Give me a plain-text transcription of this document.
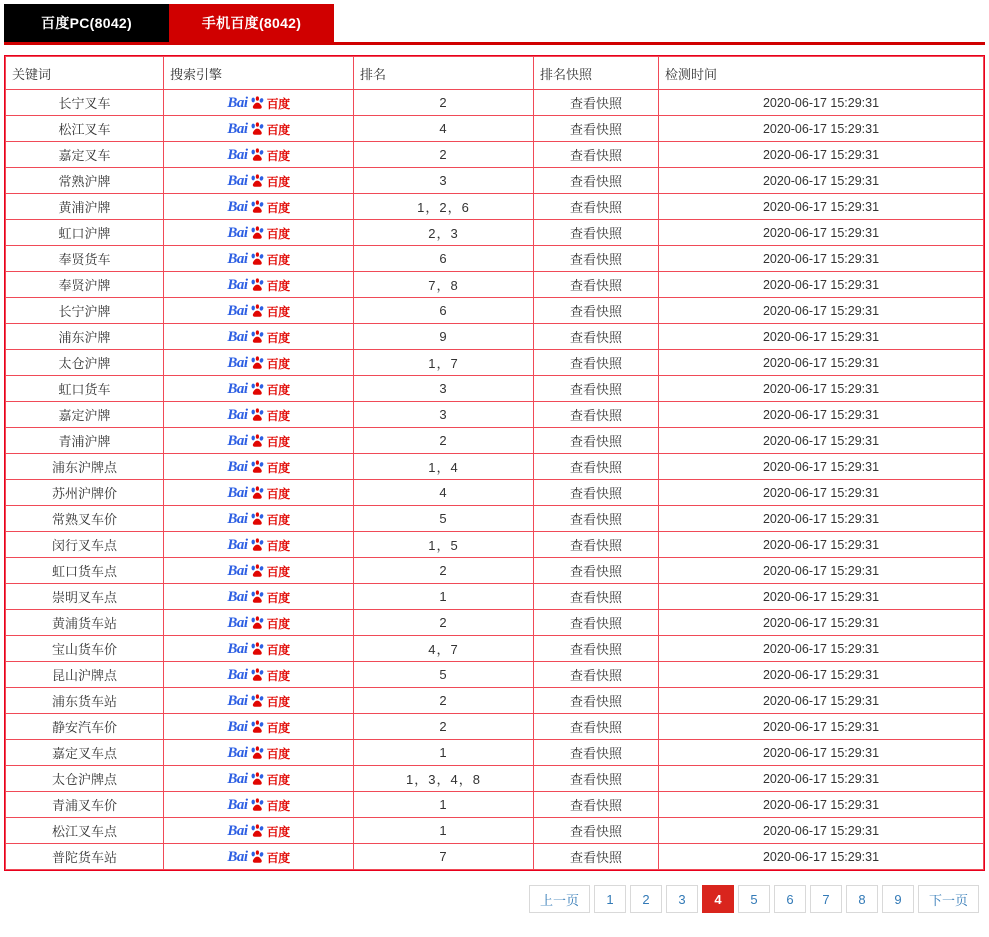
百度PC(8042)	手机百度(8042)
关键词	搜索引擎	排名	排名快照	检测时间
长宁叉车	Bai 百度	2	查看快照	2020-06-17 15:29:31
松江叉车	Bai 百度	4	查看快照	2020-06-17 15:29:31
嘉定叉车	Bai 百度	2	查看快照	2020-06-17 15:29:31
常熟沪牌	Bai 百度	3	查看快照	2020-06-17 15:29:31
黄浦沪牌	Bai 百度	1，2，6	查看快照	2020-06-17 15:29:31
虹口沪牌	Bai 百度	2，3	查看快照	2020-06-17 15:29:31
奉贤货车	Bai 百度	6	查看快照	2020-06-17 15:29:31
奉贤沪牌	Bai 百度	7，8	查看快照	2020-06-17 15:29:31
长宁沪牌	Bai 百度	6	查看快照	2020-06-17 15:29:31
浦东沪牌	Bai 百度	9	查看快照	2020-06-17 15:29:31
太仓沪牌	Bai 百度	1，7	查看快照	2020-06-17 15:29:31
虹口货车	Bai 百度	3	查看快照	2020-06-17 15:29:31
嘉定沪牌	Bai 百度	3	查看快照	2020-06-17 15:29:31
青浦沪牌	Bai 百度	2	查看快照	2020-06-17 15:29:31
浦东沪牌点	Bai 百度	1，4	查看快照	2020-06-17 15:29:31
苏州沪牌价	Bai 百度	4	查看快照	2020-06-17 15:29:31
常熟叉车价	Bai 百度	5	查看快照	2020-06-17 15:29:31
闵行叉车点	Bai 百度	1，5	查看快照	2020-06-17 15:29:31
虹口货车点	Bai 百度	2	查看快照	2020-06-17 15:29:31
崇明叉车点	Bai 百度	1	查看快照	2020-06-17 15:29:31
黄浦货车站	Bai 百度	2	查看快照	2020-06-17 15:29:31
宝山货车价	Bai 百度	4，7	查看快照	2020-06-17 15:29:31
昆山沪牌点	Bai 百度	5	查看快照	2020-06-17 15:29:31
浦东货车站	Bai 百度	2	查看快照	2020-06-17 15:29:31
静安汽车价	Bai 百度	2	查看快照	2020-06-17 15:29:31
嘉定叉车点	Bai 百度	1	查看快照	2020-06-17 15:29:31
太仓沪牌点	Bai 百度	1，3，4，8	查看快照	2020-06-17 15:29:31
青浦叉车价	Bai 百度	1	查看快照	2020-06-17 15:29:31
松江叉车点	Bai 百度	1	查看快照	2020-06-17 15:29:31
普陀货车站	Bai 百度	7	查看快照	2020-06-17 15:29:31
上一页	1	2	3	4	5	6	7	8	9	下一页
